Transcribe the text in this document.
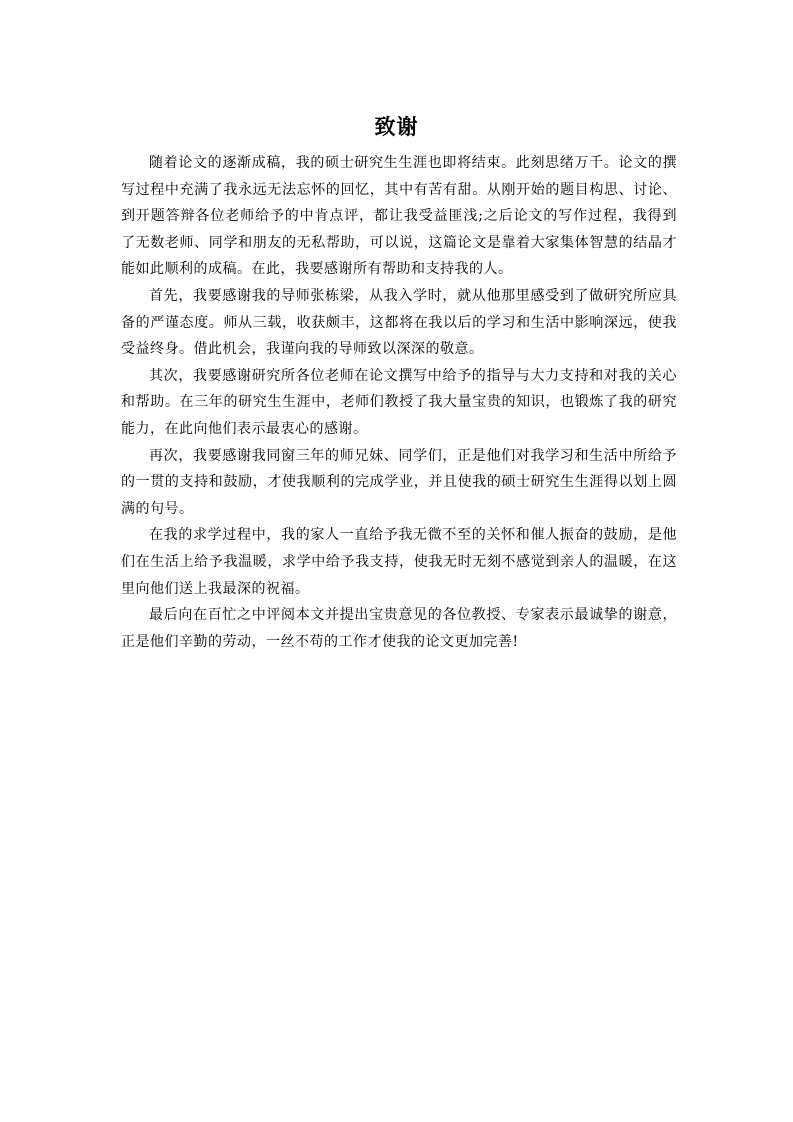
致谢

随着论文的逐渐成稿，我的硕士研究生生涯也即将结束。此刻思绪万千。论文的撰写过程中充满了我永远无法忘怀的回忆，其中有苦有甜。从刚开始的题目构思、讨论、到开题答辩各位老师给予的中肯点评，都让我受益匪浅;之后论文的写作过程，我得到了无数老师、同学和朋友的无私帮助，可以说，这篇论文是靠着大家集体智慧的结晶才能如此顺利的成稿。在此，我要感谢所有帮助和支持我的人。

首先，我要感谢我的导师张栋梁，从我入学时，就从他那里感受到了做研究所应具备的严谨态度。师从三载，收获颇丰，这都将在我以后的学习和生活中影响深远，使我受益终身。借此机会，我谨向我的导师致以深深的敬意。

其次，我要感谢研究所各位老师在论文撰写中给予的指导与大力支持和对我的关心和帮助。在三年的研究生生涯中，老师们教授了我大量宝贵的知识，也锻炼了我的研究能力，在此向他们表示最衷心的感谢。

再次，我要感谢我同窗三年的师兄妹、同学们，正是他们对我学习和生活中所给予的一贯的支持和鼓励，才使我顺利的完成学业，并且使我的硕士研究生生涯得以划上圆满的句号。

在我的求学过程中，我的家人一直给予我无微不至的关怀和催人振奋的鼓励，是他们在生活上给予我温暖，求学中给予我支持，使我无时无刻不感觉到亲人的温暖，在这里向他们送上我最深的祝福。

最后向在百忙之中评阅本文并提出宝贵意见的各位教授、专家表示最诚挚的谢意，正是他们辛勤的劳动，一丝不苟的工作才使我的论文更加完善!
